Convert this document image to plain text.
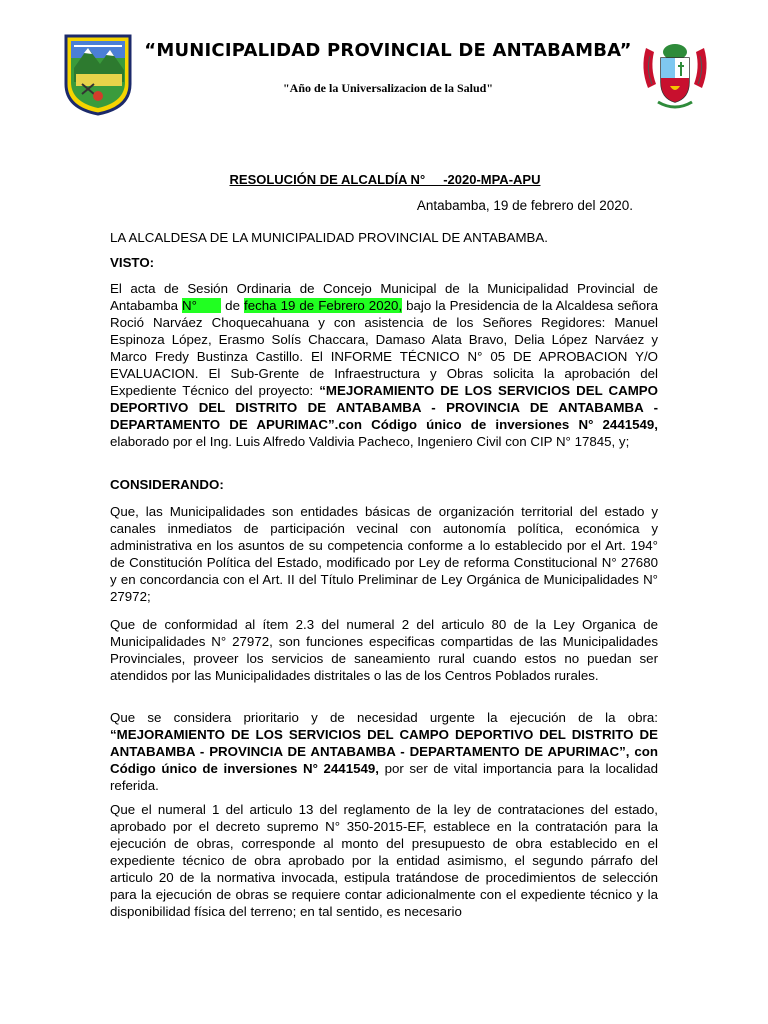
“MUNICIPALIDAD PROVINCIAL DE ANTABAMBA”
"Año de la Universalizacion de la Salud"
RESOLUCIÓN DE ALCALDÍA N°     -2020-MPA-APU
Antabamba, 19 de febrero del 2020.
LA ALCALDESA DE LA MUNICIPALIDAD PROVINCIAL DE ANTABAMBA.
VISTO:
El acta de Sesión Ordinaria de Concejo Municipal de la Municipalidad Provincial de Antabamba N°       de fecha 19 de Febrero 2020, bajo la Presidencia de la Alcaldesa señora Roció Narváez Choquecahuana y con asistencia de los Señores Regidores: Manuel Espinoza López, Erasmo Solís Chaccara, Damaso Alata Bravo, Delia López Narváez y Marco Fredy Bustinza Castillo. El INFORME TÉCNICO N° 05 DE APROBACION Y/O EVALUACION. El Sub-Grente de Infraestructura y Obras solicita la aprobación del Expediente Técnico del proyecto: “MEJORAMIENTO DE LOS SERVICIOS DEL CAMPO DEPORTIVO DEL DISTRITO DE ANTABAMBA - PROVINCIA DE ANTABAMBA - DEPARTAMENTO DE APURIMAC”.con Código único de inversiones N° 2441549, elaborado por el Ing. Luis Alfredo Valdivia Pacheco, Ingeniero Civil con CIP N° 17845, y;
CONSIDERANDO:
Que, las Municipalidades son entidades básicas de organización territorial del estado y canales inmediatos de participación vecinal con autonomía política, económica y administrativa en los asuntos de su competencia conforme a lo establecido por el Art. 194° de Constitución Política del Estado, modificado por Ley de reforma Constitucional N° 27680 y en concordancia con el Art. II del Título Preliminar de Ley Orgánica de Municipalidades N° 27972;
Que de conformidad al ítem 2.3 del numeral 2 del articulo 80 de la Ley Organica de Municipalidades N° 27972, son funciones especificas compartidas de las Municipalidades Provinciales, proveer los servicios de saneamiento rural cuando estos no puedan ser atendidos por las Municipalidades distritales o las de los Centros Poblados rurales.
Que se considera prioritario y de necesidad urgente la ejecución de la obra: “MEJORAMIENTO DE LOS SERVICIOS DEL CAMPO DEPORTIVO DEL DISTRITO DE ANTABAMBA - PROVINCIA DE ANTABAMBA - DEPARTAMENTO DE APURIMAC”, con Código único de inversiones N° 2441549, por ser de vital importancia para la localidad referida.
Que el numeral 1 del articulo 13 del reglamento de la ley de contrataciones del estado, aprobado por el decreto supremo N° 350-2015-EF, establece en la contratación para la ejecución de obras, corresponde al monto del presupuesto de obra establecido en el expediente técnico de obra aprobado por la entidad asimismo, el segundo párrafo del articulo 20 de la normativa invocada, estipula tratándose de procedimientos de selección para la ejecución de obras se requiere contar adicionalmente con el expediente técnico y la disponibilidad física del terreno; en tal sentido, es necesario
